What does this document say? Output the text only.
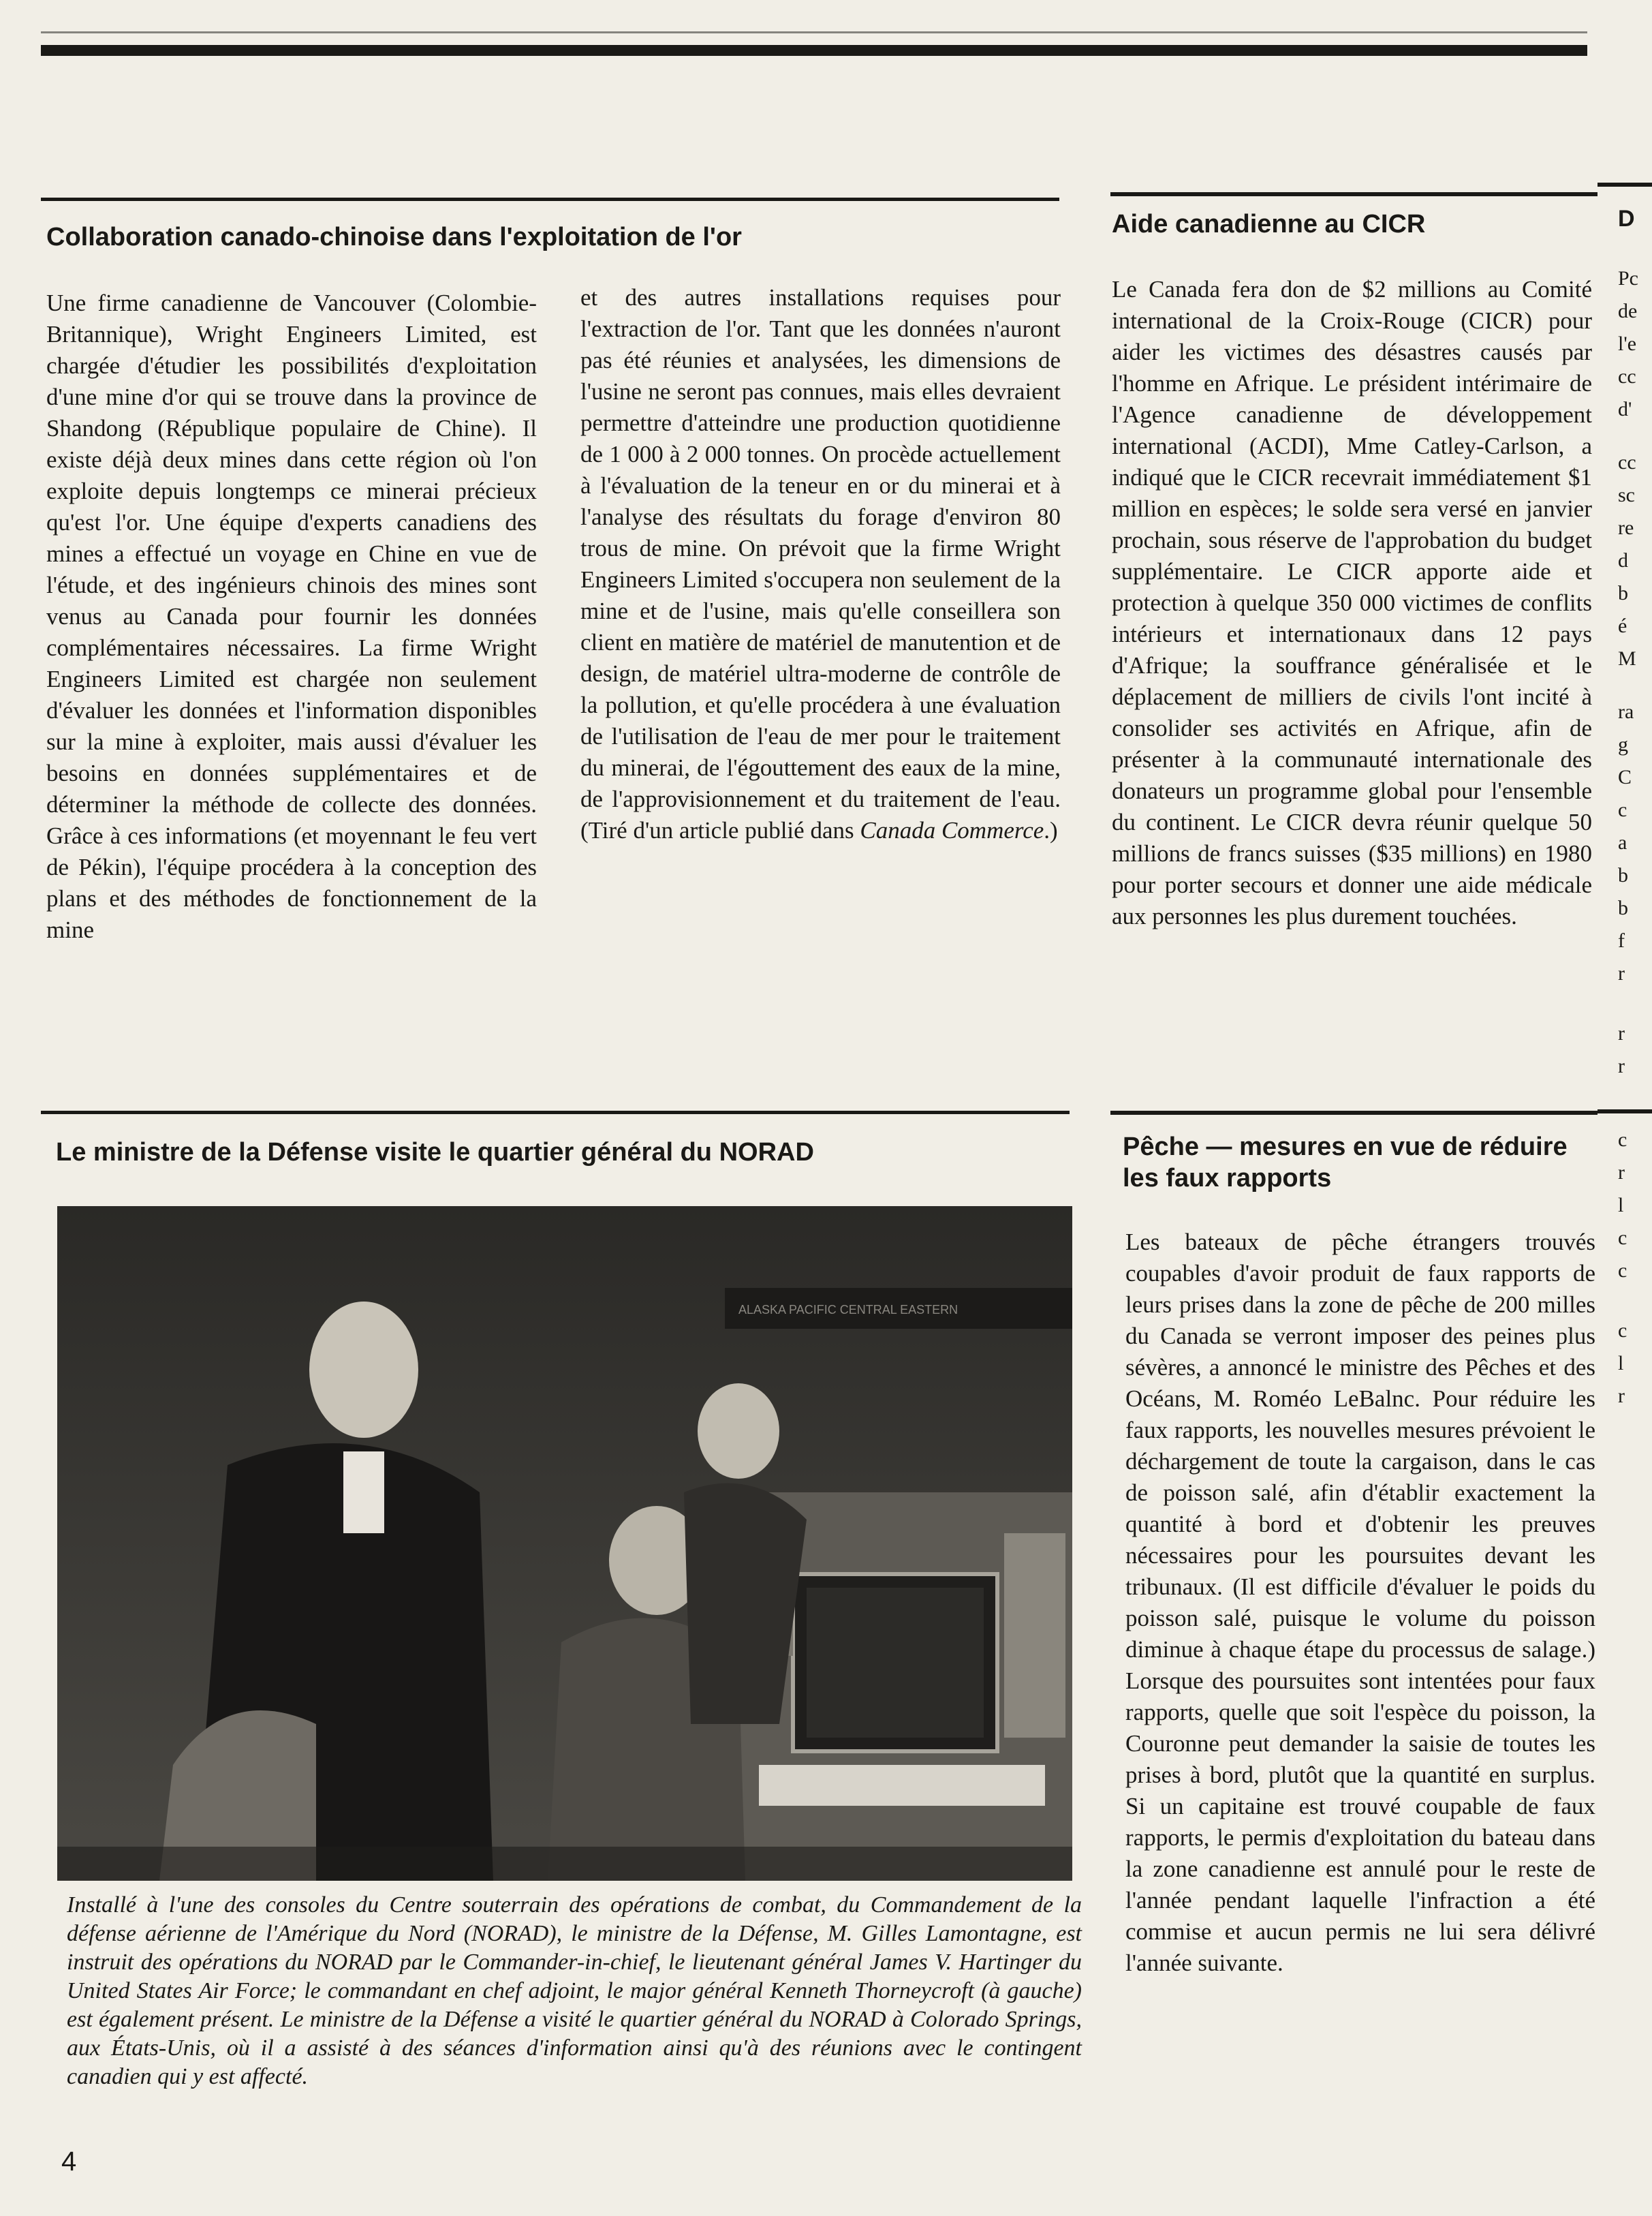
Collaboration canado-chinoise dans l'exploitation de l'or

Une firme canadienne de Vancouver (Colombie-Britannique), Wright Engineers Limited, est chargée d'étudier les possibilités d'exploitation d'une mine d'or qui se trouve dans la province de Shandong (République populaire de Chine). Il existe déjà deux mines dans cette région où l'on exploite depuis longtemps ce minerai précieux qu'est l'or.

Une équipe d'experts canadiens des mines a effectué un voyage en Chine en vue de l'étude, et des ingénieurs chinois des mines sont venus au Canada pour fournir les données complémentaires nécessaires.

La firme Wright Engineers Limited est chargée non seulement d'évaluer les données et l'information disponibles sur la mine à exploiter, mais aussi d'évaluer les besoins en données supplémentaires et de déterminer la méthode de collecte des données. Grâce à ces informations (et moyennant le feu vert de Pékin), l'équipe procédera à la conception des plans et des méthodes de fonctionnement de la mine

et des autres installations requises pour l'extraction de l'or.

Tant que les données n'auront pas été réunies et analysées, les dimensions de l'usine ne seront pas connues, mais elles devraient permettre d'atteindre une production quotidienne de 1 000 à 2 000 tonnes.

On procède actuellement à l'évaluation de la teneur en or du minerai et à l'analyse des résultats du forage d'environ 80 trous de mine.

On prévoit que la firme Wright Engineers Limited s'occupera non seulement de la mine et de l'usine, mais qu'elle conseillera son client en matière de matériel de manutention et de design, de matériel ultra-moderne de contrôle de la pollution, et qu'elle procédera à une évaluation de l'utilisation de l'eau de mer pour le traitement du minerai, de l'égouttement des eaux de la mine, de l'approvisionnement et du traitement de l'eau.

(Tiré d'un article publié dans Canada Commerce.)

Aide canadienne au CICR

Le Canada fera don de $2 millions au Comité international de la Croix-Rouge (CICR) pour aider les victimes des désastres causés par l'homme en Afrique.

Le président intérimaire de l'Agence canadienne de développement international (ACDI), Mme Catley-Carlson, a indiqué que le CICR recevrait immédiatement $1 million en espèces; le solde sera versé en janvier prochain, sous réserve de l'approbation du budget supplémentaire.

Le CICR apporte aide et protection à quelque 350 000 victimes de conflits intérieurs et internationaux dans 12 pays d'Afrique; la souffrance généralisée et le déplacement de milliers de civils l'ont incité à consolider ses activités en Afrique, afin de présenter à la communauté internationale des donateurs un programme global pour l'ensemble du continent.

Le CICR devra réunir quelque 50 millions de francs suisses ($35 millions) en 1980 pour porter secours et donner une aide médicale aux personnes les plus durement touchées.

Le ministre de la Défense visite le quartier général du NORAD
ALASKA PACIFIC CENTRAL EASTERN
Installé à l'une des consoles du Centre souterrain des opérations de combat, du Commandement de la défense aérienne de l'Amérique du Nord (NORAD), le ministre de la Défense, M. Gilles Lamontagne, est instruit des opérations du NORAD par le Commander-in-chief, le lieutenant général James V. Hartinger du United States Air Force; le commandant en chef adjoint, le major général Kenneth Thorneycroft (à gauche) est également présent. Le ministre de la Défense a visité le quartier général du NORAD à Colorado Springs, aux États-Unis, où il a assisté à des séances d'information ainsi qu'à des réunions avec le contingent canadien qui y est affecté.
Pêche — mesures en vue de réduire
les faux rapports

Les bateaux de pêche étrangers trouvés coupables d'avoir produit de faux rapports de leurs prises dans la zone de pêche de 200 milles du Canada se verront imposer des peines plus sévères, a annoncé le ministre des Pêches et des Océans, M. Roméo LeBalnc.

Pour réduire les faux rapports, les nouvelles mesures prévoient le déchargement de toute la cargaison, dans le cas de poisson salé, afin d'établir exactement la quantité à bord et d'obtenir les preuves nécessaires pour les poursuites devant les tribunaux. (Il est difficile d'évaluer le poids du poisson salé, puisque le volume du poisson diminue à chaque étape du processus de salage.)

Lorsque des poursuites sont intentées pour faux rapports, quelle que soit l'espèce du poisson, la Couronne peut demander la saisie de toutes les prises à bord, plutôt que la quantité en surplus.

Si un capitaine est trouvé coupable de faux rapports, le permis d'exploitation du bateau dans la zone canadienne est annulé pour le reste de l'année pendant laquelle l'infraction a été commise et aucun permis ne lui sera délivré l'année suivante.

D
Pc
de
l'e
cc
d'
cc
sc
re
d
b
é
M
ra
g
C
c
a
b
b
f
r
r
r
c
r
l
c
c
c
l
r
4
